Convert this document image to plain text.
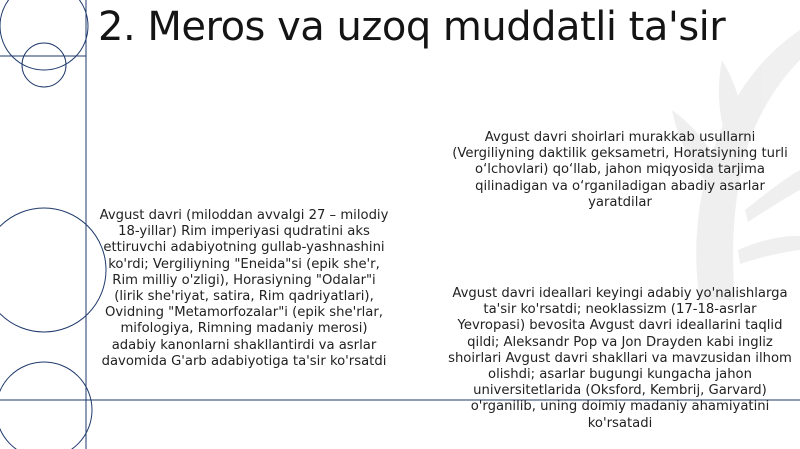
2. Meros va uzoq muddatli ta'sir
Avgust davri (miloddan avvalgi 27 – milodiy 18-yillar) Rim imperiyasi qudratini aks ettiruvchi adabiyotning gullab-yashnashini ko'rdi; Vergiliyning "Eneida"si (epik she'r, Rim milliy o'zligi), Horasiyning "Odalar"i (lirik she'riyat, satira, Rim qadriyatlari), Ovidning "Metamorfozalar"i (epik she'rlar, mifologiya, Rimning madaniy merosi) adabiy kanonlarni shakllantirdi va asrlar davomida G'arb adabiyotiga ta'sir ko'rsatdi
Avgust davri shoirlari murakkab usullarni (Vergiliyning daktilik geksametri, Horatsiyning turli o‘lchovlari) qo‘llab, jahon miqyosida tarjima qilinadigan va o‘rganiladigan abadiy asarlar yaratdilar
Avgust davri ideallari keyingi adabiy yo'nalishlarga ta'sir ko'rsatdi; neoklassizm (17-18-asrlar Yevropasi) bevosita Avgust davri ideallarini taqlid qildi; Aleksandr Pop va Jon Drayden kabi ingliz shoirlari Avgust davri shakllari va mavzusidan ilhom olishdi; asarlar bugungi kungacha jahon universitetlarida (Oksford, Kembrij, Garvard) o'rganilib, uning doimiy madaniy ahamiyatini ko'rsatadi
